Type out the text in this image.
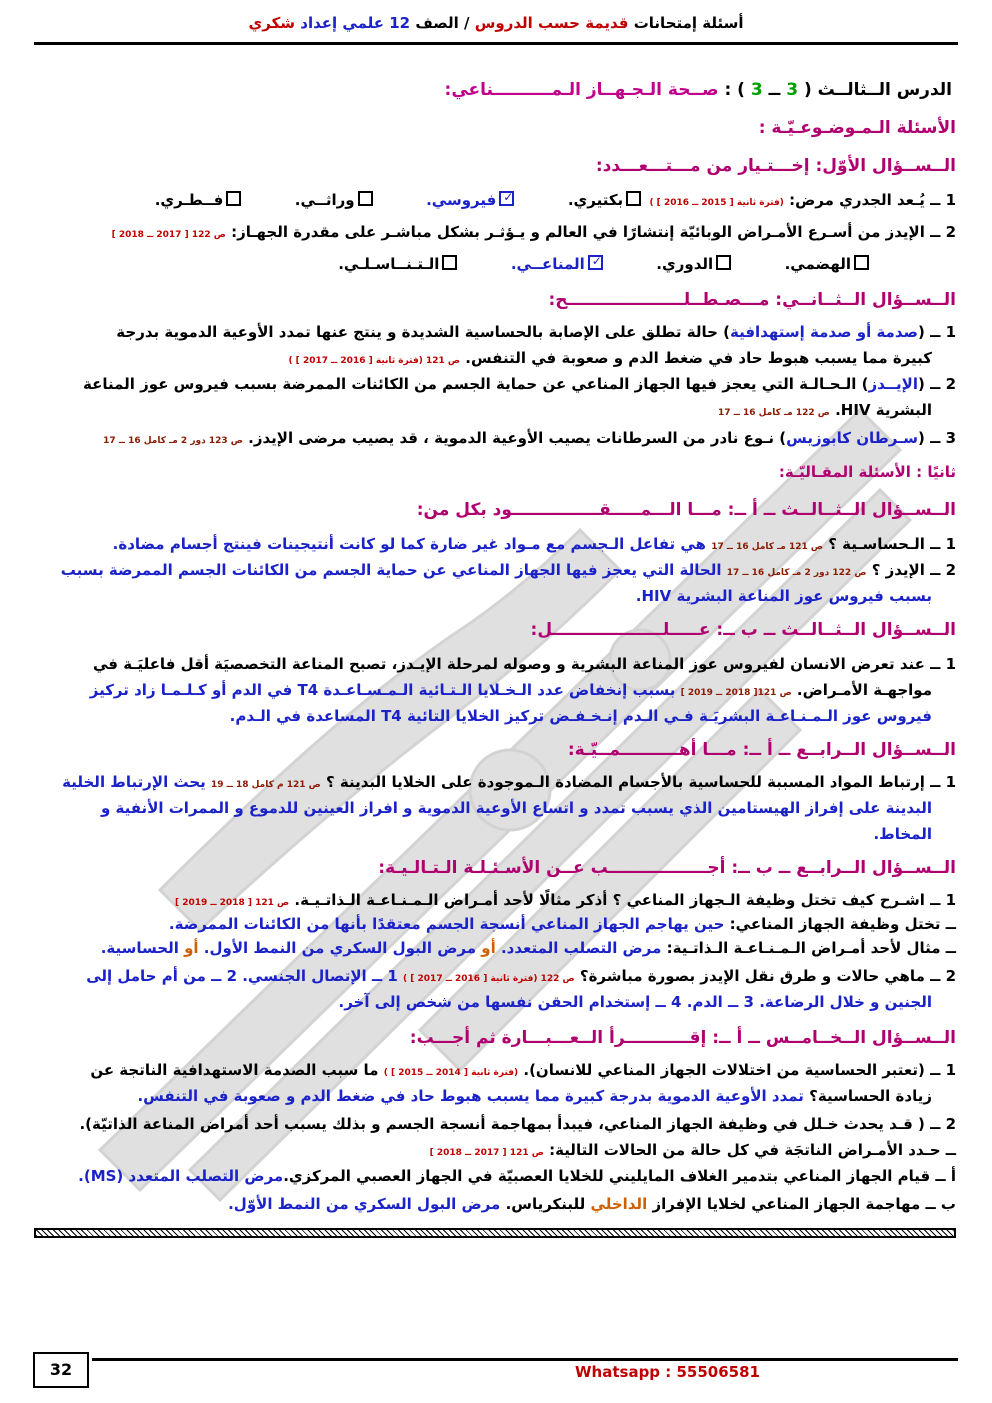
أسئلة إمتحانات قديمة حسب الدروس / الصف 12 علمي إعداد شكري
الدرس الــثالــث ( 3 ــ 3 ) : صــحة الـجـهــاز الـمــــــــــناعي:
الأسئلة الـمـوضـوعـيّـة :
الــســؤال الأوّل: إخـــتـيار من مـــتـــعـــدد:
1 ــ يُـعد الجدري مرض: (فترة ثانية [ 2015 ــ 2016 ] ) بكتيري.  ✓فيروسي.  وراثــي.  فــطـري.
2 ــ الإيدز من أسـرع الأمـراض الوبائيّة إنتشارًا في العالم و يـؤثـر بشكل مباشـر على مقدرة الجهـاز: ص 122 [ 2017 ــ 2018 ]
الهضمي.  الدوري.  ✓المناعــي.  الـتـنــاسـلـي.
الــســؤال الــثــانــي: مـــصـطــلــــــــــــــــــــح:
1 ــ (صدمة أو صدمة إستهدافية) حالة تطلق على الإصابة بالحساسية الشديدة و ينتج عنها تمدد الأوعية الدموية بدرجة
كبيرة مما يسبب هبوط حاد في ضغط الدم و صعوبة في التنفس. ص 121 (فترة ثانية [ 2016 ــ 2017 ] )
2 ــ (الإيــدز) الـحـالـة التي يعجز فيها الجهاز المناعي عن حماية الجسم من الكائنات الممرضة بسبب فيروس عوز المناعة
البشرية HIV. ص 122 مـ كامل 16 ــ 17
3 ــ (سـرطان كابوزيس) نـوع نادر من السرطانات يصيب الأوعية الدموية ، قد يصيب مرضى الإيدز. ص 123 دور 2 مـ كامل 16 ــ 17
ثانيًا : الأسئلة المقـاليّـة:
الــســؤال الــثــالــث ــ أ ــ: مـــا الـــمـــــقـــــــــــــــود بكل من:
1 ــ الـحساسـية ؟ ص 121 مـ كامل 16 ــ 17 هي تفاعل الـجسم مع مـواد غير ضارة كما لو كانت أنتيجينات فينتج أجسام مضادة.
2 ــ الإيدز ؟ ص 122 دور 2 مـ كامل 16 ــ 17 الحالة التي يعجز فيها الجهاز المناعي عن حماية الجسم من الكائنات الجسم الممرضة بسبب
بسبب فيروس عوز المناعة البشرية HIV.
الــســؤال الــثــالــث ــ ب ــ: عـــــلـــــــــــــــــــل:
1 ــ عند تعرض الانسان لفيروس عوز المناعة البشرية و وصوله لمرحلة الإيـدز، تصبح المناعة التخصصيَة أقل فاعليَـة في
مواجهـة الأمـراض. ص 121[ 2018 ــ 2019 ] بسبب إنخفاض عدد الـخـلايا الـتـائية الـمـسـاعـدة T4 في الدم أو كـلـمـا زاد تركيز
فيروس عوز الـمـنـاعـة البشريَـة فـي الـدم إنـخـفـض تركيز الخلايا التائية T4 المساعدة في الـدم.
الــســؤال الــرابــع ــ أ ــ: مـــا أهــــــــــمــيّـة:
1 ــ إرتباط المواد المسببة للحساسية بالأجسام المضادة الـموجودة على الخلايا البدينة ؟ ص 121 م كامل 18 ــ 19 يحث الإرتباط الخلية
البدينة على إفراز الهيستامين الذي يسبب تمدد و اتساع الأوعية الدموية و افراز العينين للدموع و الممرات الأنفية و
المخاط.
الــســؤال الــرابــع ــ ب ــ: أجـــــــــــــــــب عــن الأسـئـلـة الـتـالـيـة:
1 ــ اشـرح كيف تختل وظيفة الـجهاز المناعي ؟ أذكر مثالًا لأحد أمـراض الـمـنـاعـة الـذاتـيـة. ص 121 [ 2018 ــ 2019 ]
ــ تختل وظيفة الجهاز المناعي: حين يهاجم الجهاز المناعي أنسجة الجسم معتقدًا بأنها من الكائنات الممرضة.
ــ مثال لأحد أمـراض الـمـنـاعـة الـذاتـية: مرض التصلب المتعدد. أو مرض البول السكري من النمط الأول. أو الحساسية.
2 ــ ماهي حالات و طرق نقل الإيدز بصورة مباشرة؟ ص 122 (فترة ثانية [ 2016 ــ 2017 ] ) 1 ــ الإتصال الجنسي. 2 ــ من أم حامل إلى
الجنين و خلال الرضاعة. 3 ــ الدم. 4 ــ إستخدام الحقن نفسها من شخص إلى آخر.
الــســؤال الــخــامــس ــ أ ــ: إقـــــــــــرأ الــعـــبـــارة ثم أجـــب:
1 ــ (تعتبر الحساسية من اختلالات الجهاز المناعي للانسان). (فترة ثانية [ 2014 ــ 2015 ] ) ما سبب الصدمة الاستهدافية الناتجة عن
زيادة الحساسية؟ تمدد الأوعية الدموية بدرجة كبيرة مما يسبب هبوط حاد في ضغط الدم و صعوبة في التنفس.
2 ــ ( قـد يحدث خـلل في وظيفة الجهاز المناعي، فيبدأ بمهاجمة أنسجة الجسم و بذلك يسبب أحد أمراض المناعة الذاتيّة).
ــ حـدد الأمـراض الناتجَة في كل حالة من الحالات التالية: ص 121 [ 2017 ــ 2018 ]
أ ــ قيام الجهاز المناعي بتدمير الغلاف المايليني للخلايا العصبيّة في الجهاز العصبي المركزي.مرض التصلب المتعدد (MS).
ب ــ مهاجمة الجهاز المناعي لخلايا الإفراز الداخلي للبنكرياس. مرض البول السكري من النمط الأوّل.
32	Whatsapp : 55506581
